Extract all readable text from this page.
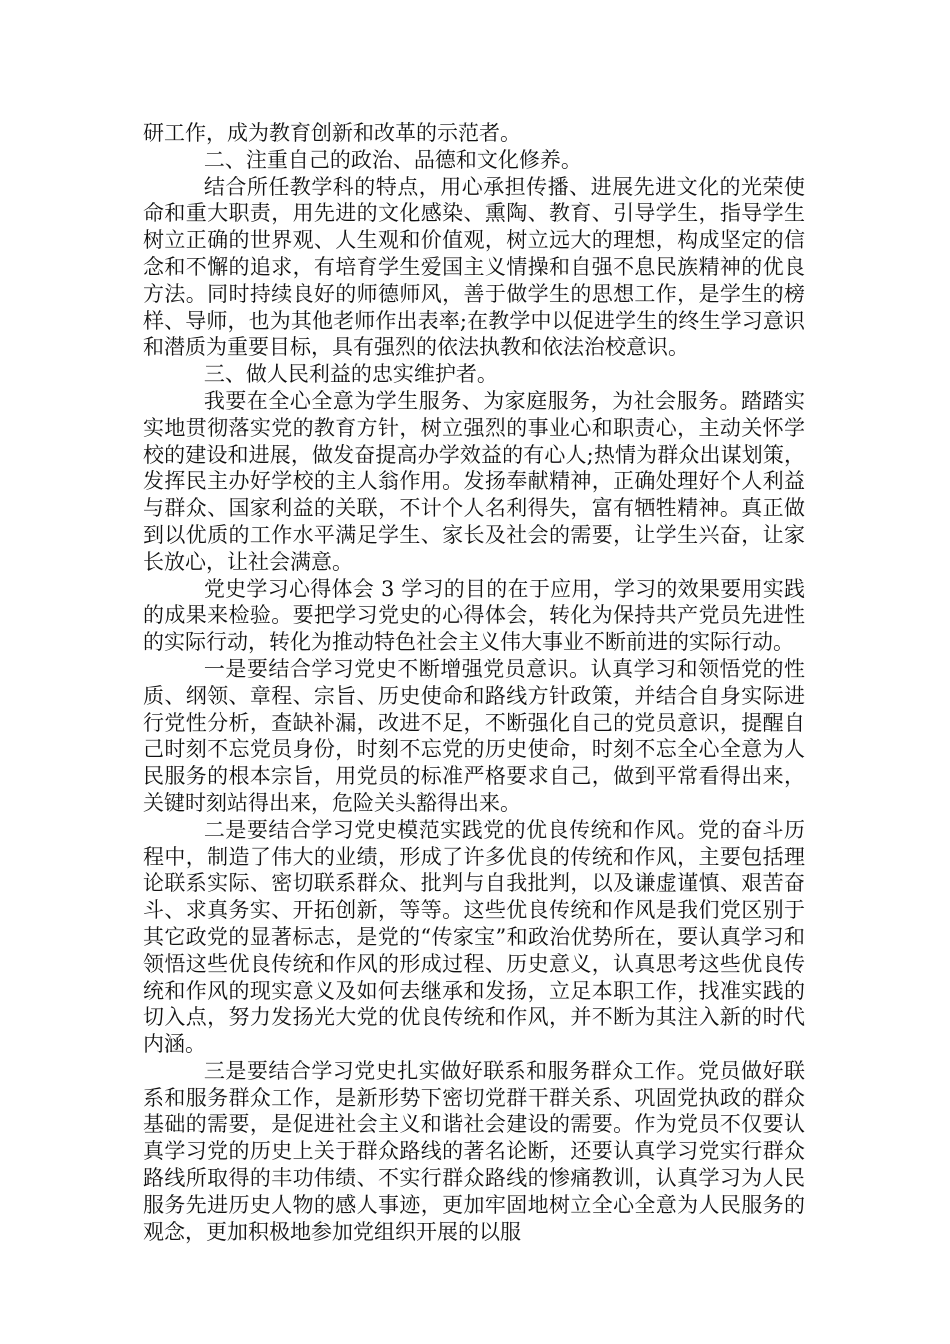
研工作，成为教育创新和改革的示范者。

二、注重自己的政治、品德和文化修养。

结合所任教学科的特点，用心承担传播、进展先进文化的光荣使命和重大职责，用先进的文化感染、熏陶、教育、引导学生，指导学生树立正确的世界观、人生观和价值观，树立远大的理想，构成坚定的信念和不懈的追求，有培育学生爱国主义情操和自强不息民族精神的优良方法。同时持续良好的师德师风，善于做学生的思想工作，是学生的榜样、导师，也为其他老师作出表率;在教学中以促进学生的终生学习意识和潜质为重要目标，具有强烈的依法执教和依法治校意识。

三、做人民利益的忠实维护者。

我要在全心全意为学生服务、为家庭服务，为社会服务。踏踏实实地贯彻落实党的教育方针，树立强烈的事业心和职责心，主动关怀学校的建设和进展，做发奋提高办学效益的有心人;热情为群众出谋划策，发挥民主办好学校的主人翁作用。发扬奉献精神，正确处理好个人利益与群众、国家利益的关联，不计个人名利得失，富有牺牲精神。真正做到以优质的工作水平满足学生、家长及社会的需要，让学生兴奋，让家长放心，让社会满意。

党史学习心得体会 3 学习的目的在于应用，学习的效果要用实践的成果来检验。要把学习党史的心得体会，转化为保持共产党员先进性的实际行动，转化为推动特色社会主义伟大事业不断前进的实际行动。

一是要结合学习党史不断增强党员意识。认真学习和领悟党的性质、纲领、章程、宗旨、历史使命和路线方针政策，并结合自身实际进行党性分析，查缺补漏，改进不足，不断强化自己的党员意识，提醒自己时刻不忘党员身份，时刻不忘党的历史使命，时刻不忘全心全意为人民服务的根本宗旨，用党员的标准严格要求自己，做到平常看得出来，关键时刻站得出来，危险关头豁得出来。

二是要结合学习党史模范实践党的优良传统和作风。党的奋斗历程中，制造了伟大的业绩，形成了许多优良的传统和作风，主要包括理论联系实际、密切联系群众、批判与自我批判，以及谦虚谨慎、艰苦奋斗、求真务实、开拓创新，等等。这些优良传统和作风是我们党区别于其它政党的显著标志，是党的“传家宝”和政治优势所在，要认真学习和领悟这些优良传统和作风的形成过程、历史意义，认真思考这些优良传统和作风的现实意义及如何去继承和发扬，立足本职工作，找准实践的切入点，努力发扬光大党的优良传统和作风，并不断为其注入新的时代内涵。

三是要结合学习党史扎实做好联系和服务群众工作。党员做好联系和服务群众工作，是新形势下密切党群干群关系、巩固党执政的群众基础的需要，是促进社会主义和谐社会建设的需要。作为党员不仅要认真学习党的历史上关于群众路线的著名论断，还要认真学习党实行群众路线所取得的丰功伟绩、不实行群众路线的惨痛教训，认真学习为人民服务先进历史人物的感人事迹，更加牢固地树立全心全意为人民服务的观念，更加积极地参加党组织开展的以服
